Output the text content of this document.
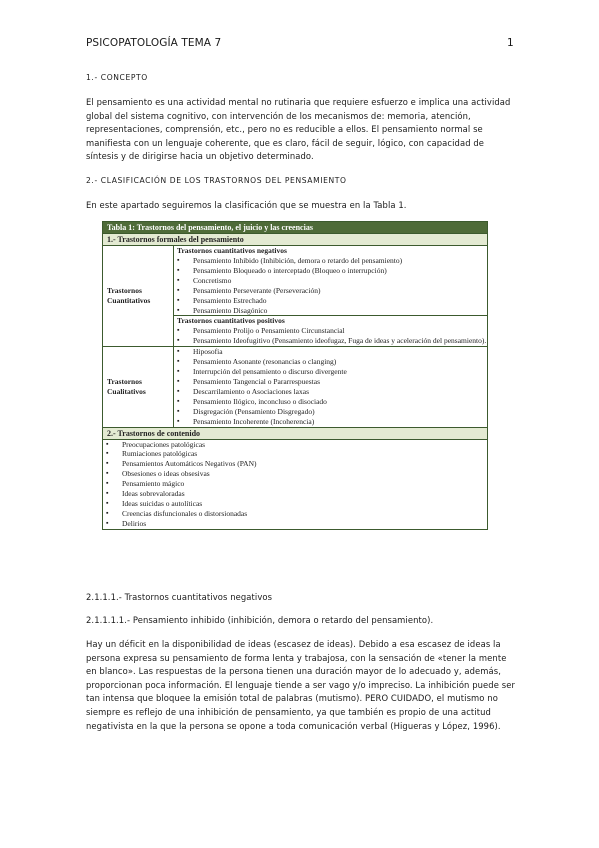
PSICOPATOLOGÍA TEMA 7	1
1.- CONCEPTO

El pensamiento es una actividad mental no rutinaria que requiere esfuerzo e implica una actividad global del sistema cognitivo, con intervención de los mecanismos de: memoria, atención, representaciones, comprensión, etc., pero no es reducible a ellos. El pensamiento normal se manifiesta con un lenguaje coherente, que es claro, fácil de seguir, lógico, con capacidad de síntesis y de dirigirse hacia un objetivo determinado.

2.- CLASIFICACIÓN DE LOS TRASTORNOS DEL PENSAMIENTO

En este apartado seguiremos la clasificación que se muestra en la Tabla 1.

Tabla 1: Trastornos del pensamiento, el juicio y las creencias
1.- Trastornos formales del pensamiento
Trastornos Cuantitativos
Trastornos cuantitativos negativos
▪ Pensamiento Inhibido (Inhibición, demora o retardo del pensamiento)
▪ Pensamiento Bloqueado o interceptado (Bloqueo o interrupción)
▪ Concretismo
▪ Pensamiento Perseverante (Perseveración)
▪ Pensamiento Estrechado
▪ Pensamiento Disagónico
Trastornos cuantitativos positivos
▪ Pensamiento Prolijo o Pensamiento Circunstancial
▪ Pensamiento Ideofugitivo (Pensamiento ideofugaz, Fuga de ideas y aceleración del pensamiento).
Trastornos Cualitativos
▪ Hiposofia
▪ Pensamiento Asonante (resonancias o clanging)
▪ Interrupción del pensamiento o discurso divergente
▪ Pensamiento Tangencial o Pararrespuestas
▪ Descarrilamiento o Asociaciones laxas
▪ Pensamiento Ilógico, inconcluso o disociado
▪ Disgregación (Pensamiento Disgregado)
▪ Pensamiento Incoherente (Incoherencia)
2.- Trastornos de contenido
▪ Preocupaciones patológicas
▪ Rumiaciones patológicas
▪ Pensamientos Automáticos Negativos (PAN)
▪ Obsesiones o ideas obsesivas
▪ Pensamiento mágico
▪ Ideas sobrevaloradas
▪ Ideas suicidas o autolíticas
▪ Creencias disfuncionales o distorsionadas
▪ Delirios

2.1.1.1.- Trastornos cuantitativos negativos

2.1.1.1.1.- Pensamiento inhibido (inhibición, demora o retardo del pensamiento).

Hay un déficit en la disponibilidad de ideas (escasez de ideas). Debido a esa escasez de ideas la persona expresa su pensamiento de forma lenta y trabajosa, con la sensación de «tener la mente en blanco». Las respuestas de la persona tienen una duración mayor de lo adecuado y, además, proporcionan poca información. El lenguaje tiende a ser vago y/o impreciso. La inhibición puede ser tan intensa que bloquee la emisión total de palabras (mutismo). PERO CUIDADO, el mutismo no siempre es reflejo de una inhibición de pensamiento, ya que también es propio de una actitud negativista en la que la persona se opone a toda comunicación verbal (Higueras y López, 1996).
